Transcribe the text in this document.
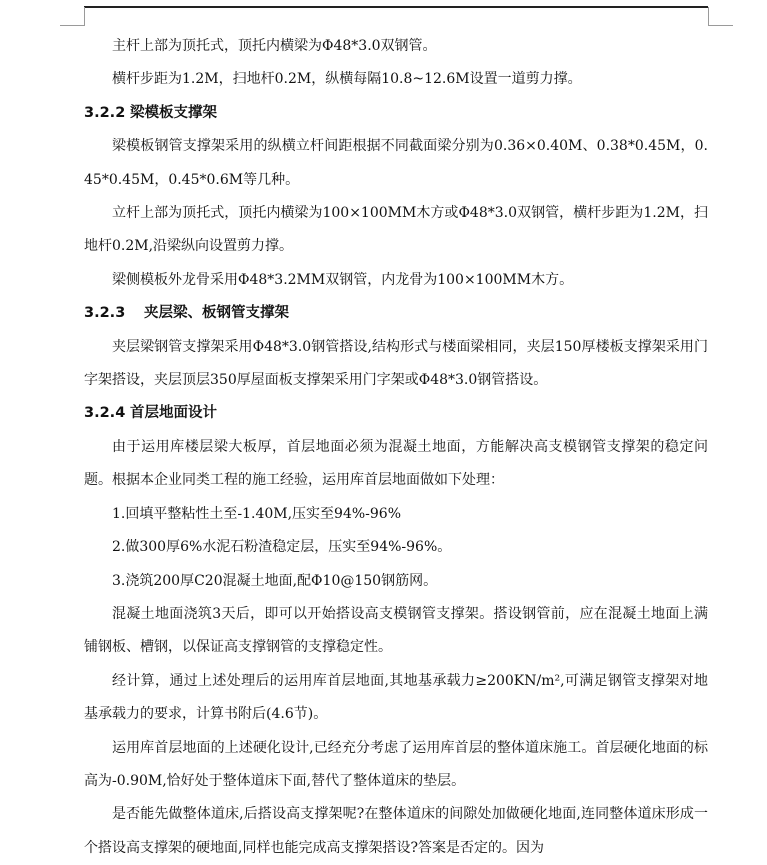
主杆上部为顶托式，顶托内横梁为Φ48*3.0双钢管。

横杆步距为1.2M，扫地杆0.2M，纵横每隔10.8~12.6M设置一道剪力撑。

3.2.2 梁模板支撑架

梁模板钢管支撑架采用的纵横立杆间距根据不同截面梁分别为0.36×0.40M、0.38*0.45M，0.45*0.45M，0.45*0.6M等几种。

立杆上部为顶托式，顶托内横梁为100×100MM木方或Φ48*3.0双钢管，横杆步距为1.2M，扫地杆0.2M,沿梁纵向设置剪力撑。

梁侧模板外龙骨采用Φ48*3.2MM双钢管，内龙骨为100×100MM木方。

3.2.3 夹层梁、板钢管支撑架

夹层梁钢管支撑架采用Φ48*3.0钢管搭设,结构形式与楼面梁相同，夹层150厚楼板支撑架采用门字架搭设，夹层顶层350厚屋面板支撑架采用门字架或Φ48*3.0钢管搭设。

3.2.4 首层地面设计

由于运用库楼层梁大板厚，首层地面必须为混凝土地面，方能解决高支模钢管支撑架的稳定问题。根据本企业同类工程的施工经验，运用库首层地面做如下处理：

1.回填平整粘性土至-1.40M,压实至94%-96%

2.做300厚6%水泥石粉渣稳定层，压实至94%-96%。

3.浇筑200厚C20混凝土地面,配Φ10@150钢筋网。

混凝土地面浇筑3天后，即可以开始搭设高支模钢管支撑架。搭设钢管前，应在混凝土地面上满铺钢板、槽钢，以保证高支撑钢管的支撑稳定性。

经计算，通过上述处理后的运用库首层地面,其地基承载力≥200KN/m²,可满足钢管支撑架对地基承载力的要求，计算书附后(4.6节)。

运用库首层地面的上述硬化设计,已经充分考虑了运用库首层的整体道床施工。首层硬化地面的标高为-0.90M,恰好处于整体道床下面,替代了整体道床的垫层。

是否能先做整体道床,后搭设高支撑架呢?在整体道床的间隙处加做硬化地面,连同整体道床形成一个搭设高支撑架的硬地面,同样也能完成高支撑架搭设?答案是否定的。因为
